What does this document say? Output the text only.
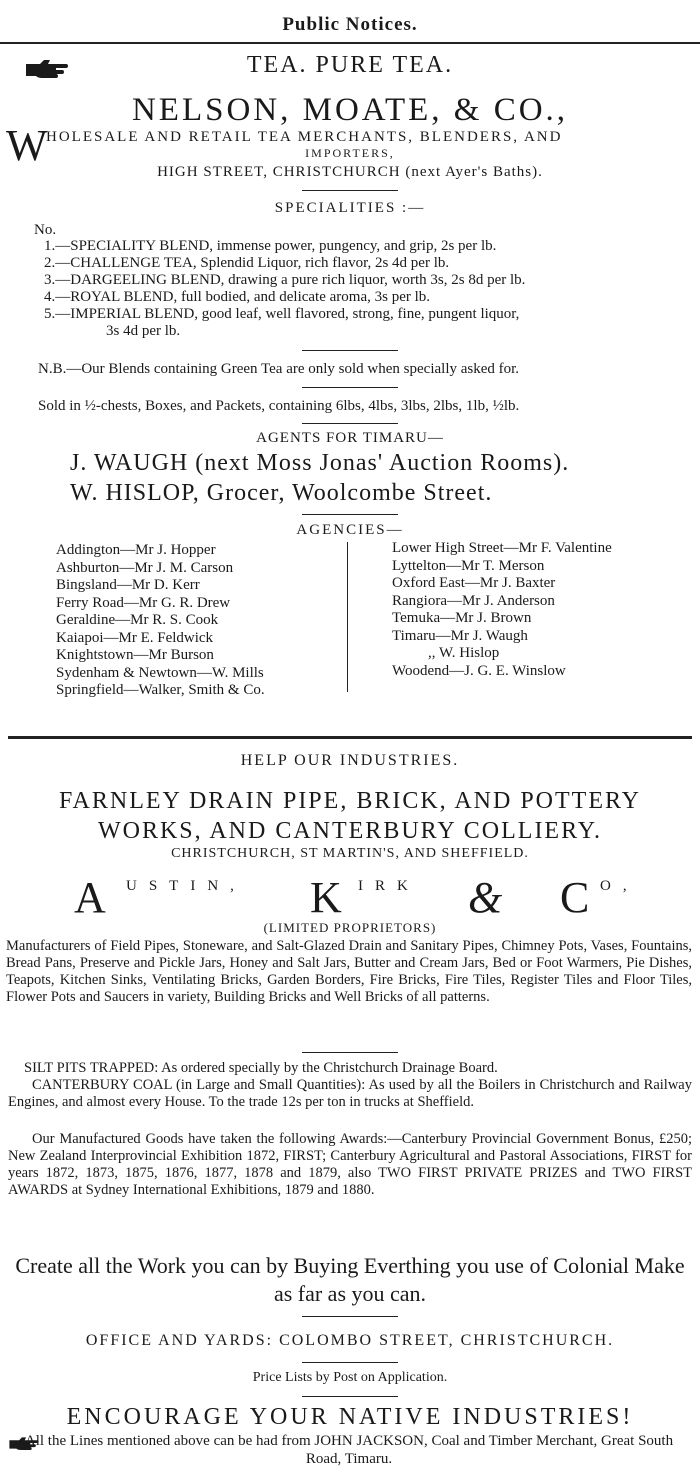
Public Notices.
TEA. PURE TEA.
NELSON, MOATE, & CO.,
W
HOLESALE AND RETAIL TEA MERCHANTS, BLENDERS, AND
IMPORTERS,
HIGH STREET, CHRISTCHURCH (next Ayer's Baths).
SPECIALITIES :—
No.
1.—SPECIALITY BLEND, immense power, pungency, and grip, 2s per lb.
2.—CHALLENGE TEA, Splendid Liquor, rich flavor, 2s 4d per lb.
3.—DARGEELING BLEND, drawing a pure rich liquor, worth 3s, 2s 8d per lb.
4.—ROYAL BLEND, full bodied, and delicate aroma, 3s per lb.
5.—IMPERIAL BLEND, good leaf, well flavored, strong, fine, pungent liquor,
3s 4d per lb.
N.B.—Our Blends containing Green Tea are only sold when specially asked for.
Sold in ½-chests, Boxes, and Packets, containing 6lbs, 4lbs, 3lbs, 2lbs, 1lb, ½lb.
AGENTS FOR TIMARU—
J. WAUGH (next Moss Jonas' Auction Rooms).
W. HISLOP, Grocer, Woolcombe Street.
AGENCIES—
Addington—Mr J. Hopper
Ashburton—Mr J. M. Carson
Bingsland—Mr D. Kerr
Ferry Road—Mr G. R. Drew
Geraldine—Mr R. S. Cook
Kaiapoi—Mr E. Feldwick
Knightstown—Mr Burson
Sydenham & Newtown—W. Mills
Springfield—Walker, Smith & Co.
Lower High Street—Mr F. Valentine
Lyttelton—Mr T. Merson
Oxford East—Mr J. Baxter
Rangiora—Mr J. Anderson
Temuka—Mr J. Brown
Timaru—Mr J. Waugh
,, W. Hislop
Woodend—J. G. E. Winslow
HELP OUR INDUSTRIES.
FARNLEY DRAIN PIPE, BRICK, AND POTTERY
WORKS, AND CANTERBURY COLLIERY.
CHRISTCHURCH, ST MARTIN'S, AND SHEFFIELD.
A USTIN, K IRK & C O,
(LIMITED PROPRIETORS)
Manufacturers of Field Pipes, Stoneware, and Salt-Glazed Drain and Sanitary Pipes, Chimney Pots, Vases, Fountains, Bread Pans, Preserve and Pickle Jars, Honey and Salt Jars, Butter and Cream Jars, Bed or Foot Warmers, Pie Dishes, Teapots, Kitchen Sinks, Ventilating Bricks, Garden Borders, Fire Bricks, Fire Tiles, Register Tiles and Floor Tiles, Flower Pots and Saucers in variety, Building Bricks and Well Bricks of all patterns.
SILT PITS TRAPPED: As ordered specially by the Christchurch Drainage Board.
CANTERBURY COAL (in Large and Small Quantities): As used by all the Boilers in Christchurch and Railway Engines, and almost every House. To the trade 12s per ton in trucks at Sheffield.
Our Manufactured Goods have taken the following Awards:—Canterbury Provincial Government Bonus, £250; New Zealand Interprovincial Exhibition 1872, FIRST; Canterbury Agricultural and Pastoral Associations, FIRST for years 1872, 1873, 1875, 1876, 1877, 1878 and 1879, also TWO FIRST PRIVATE PRIZES and TWO FIRST AWARDS at Sydney International Exhibitions, 1879 and 1880.
Create all the Work you can by Buying Everthing you use of Colonial Make as far as you can.
OFFICE AND YARDS: COLOMBO STREET, CHRISTCHURCH.
Price Lists by Post on Application.
ENCOURAGE YOUR NATIVE INDUSTRIES!
All the Lines mentioned above can be had from JOHN JACKSON, Coal and Timber Merchant, Great South Road, Timaru.
